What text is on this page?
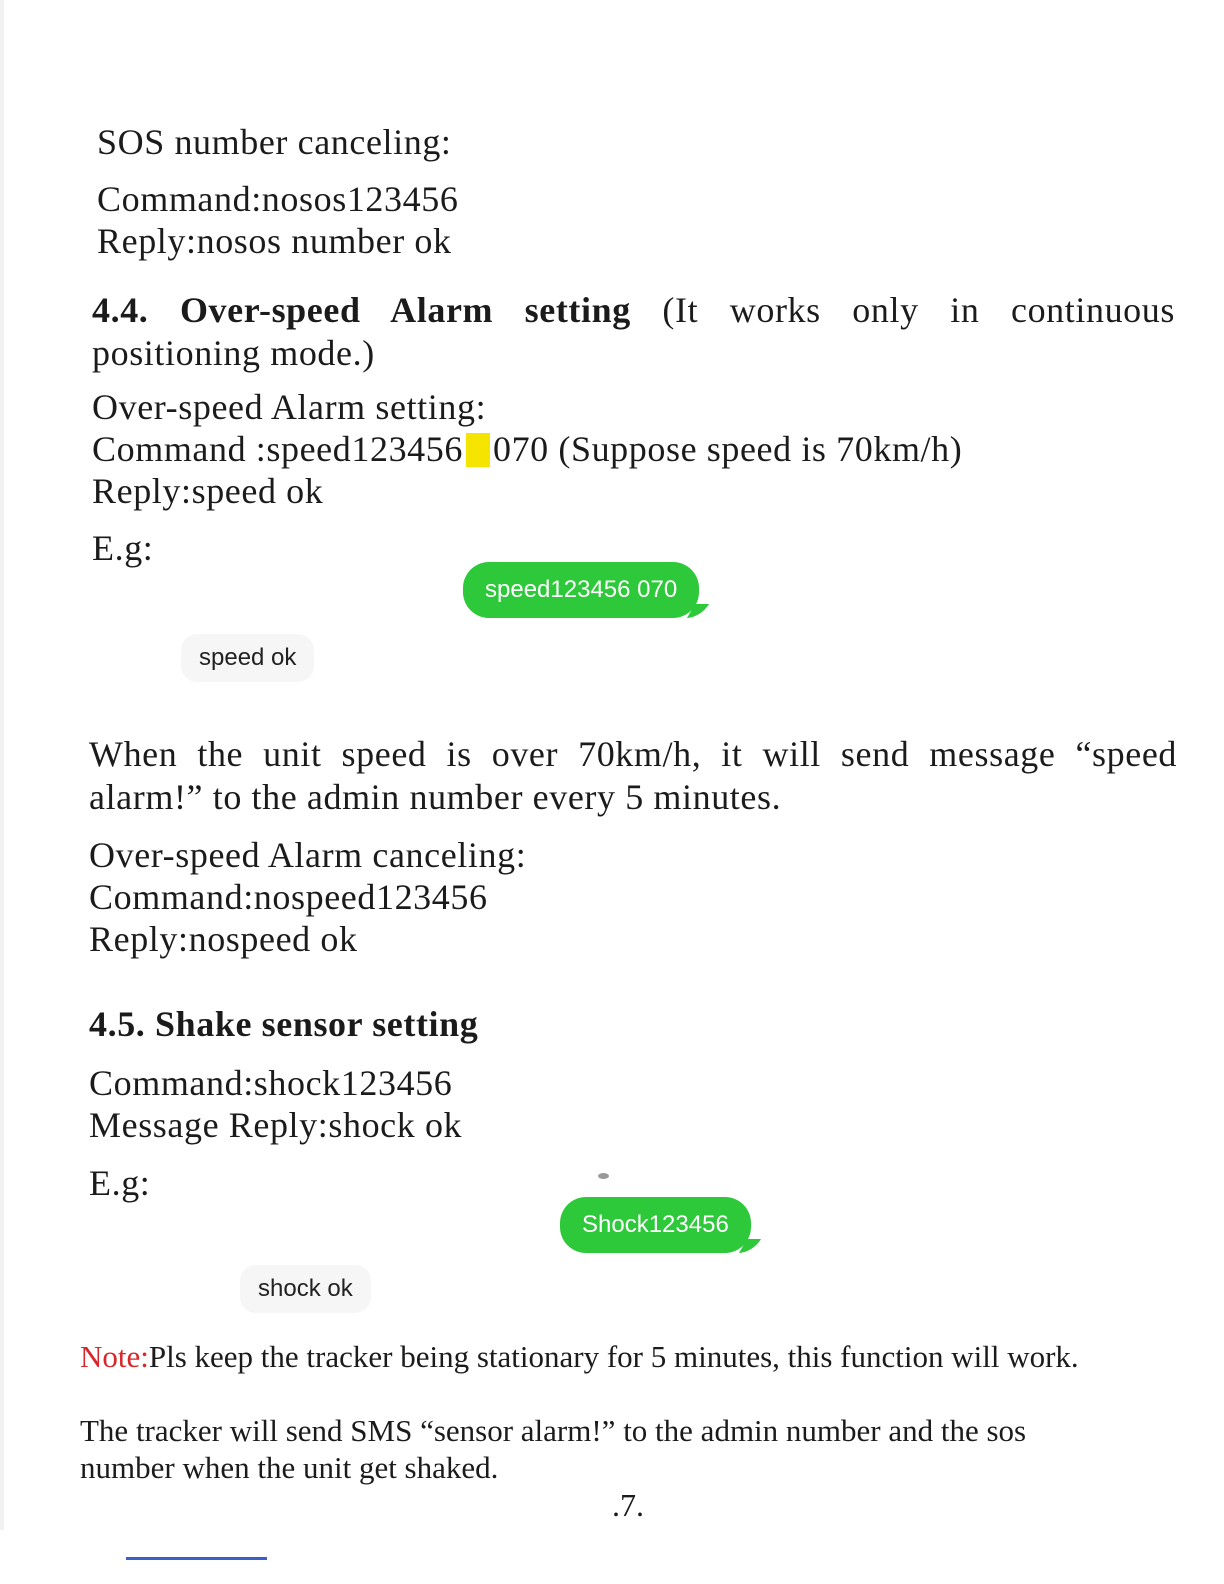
SOS number canceling:
Command:nosos123456
Reply:nosos number ok
4.4. Over-speed Alarm setting (It works only in continuous positioning mode.)
Over-speed Alarm setting:
Command :speed123456 070 (Suppose speed is 70km/h)
Reply:speed ok
E.g:
speed123456 070
speed ok
When the unit speed is over 70km/h, it will send message “speed alarm!” to the admin number every 5 minutes.
Over-speed Alarm canceling:
Command:nospeed123456
Reply:nospeed ok
4.5. Shake sensor setting
Command:shock123456
Message Reply:shock ok
E.g:
Shock123456
shock ok
Note:Pls keep the tracker being stationary for 5 minutes, this function will work.
The tracker will send SMS “sensor alarm!” to the admin number and the sos number when the unit get shaked.
.7.
